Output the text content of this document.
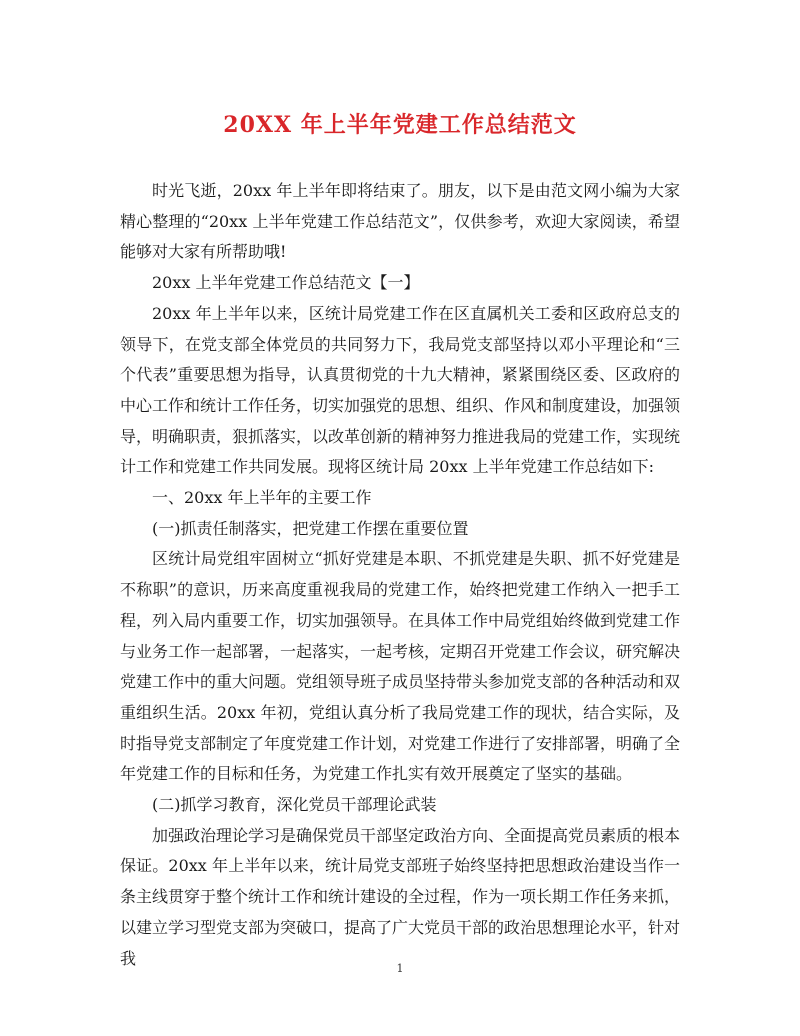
20XX 年上半年党建工作总结范文

时光飞逝，20xx 年上半年即将结束了。朋友，以下是由范文网小编为大家精心整理的“20xx 上半年党建工作总结范文”，仅供参考，欢迎大家阅读，希望能够对大家有所帮助哦!

20xx 上半年党建工作总结范文【一】

20xx 年上半年以来，区统计局党建工作在区直属机关工委和区政府总支的领导下，在党支部全体党员的共同努力下，我局党支部坚持以邓小平理论和“三个代表”重要思想为指导，认真贯彻党的十九大精神，紧紧围绕区委、区政府的中心工作和统计工作任务，切实加强党的思想、组织、作风和制度建设，加强领导，明确职责，狠抓落实，以改革创新的精神努力推进我局的党建工作，实现统计工作和党建工作共同发展。现将区统计局 20xx 上半年党建工作总结如下:

一、20xx 年上半年的主要工作

(一)抓责任制落实，把党建工作摆在重要位置

区统计局党组牢固树立“抓好党建是本职、不抓党建是失职、抓不好党建是不称职”的意识，历来高度重视我局的党建工作，始终把党建工作纳入一把手工程，列入局内重要工作，切实加强领导。在具体工作中局党组始终做到党建工作与业务工作一起部署，一起落实，一起考核，定期召开党建工作会议，研究解决党建工作中的重大问题。党组领导班子成员坚持带头参加党支部的各种活动和双重组织生活。20xx 年初，党组认真分析了我局党建工作的现状，结合实际，及时指导党支部制定了年度党建工作计划，对党建工作进行了安排部署，明确了全年党建工作的目标和任务，为党建工作扎实有效开展奠定了坚实的基础。

(二)抓学习教育，深化党员干部理论武装

加强政治理论学习是确保党员干部坚定政治方向、全面提高党员素质的根本保证。20xx 年上半年以来，统计局党支部班子始终坚持把思想政治建设当作一条主线贯穿于整个统计工作和统计建设的全过程，作为一项长期工作任务来抓，以建立学习型党支部为突破口，提高了广大党员干部的政治思想理论水平，针对我

1
